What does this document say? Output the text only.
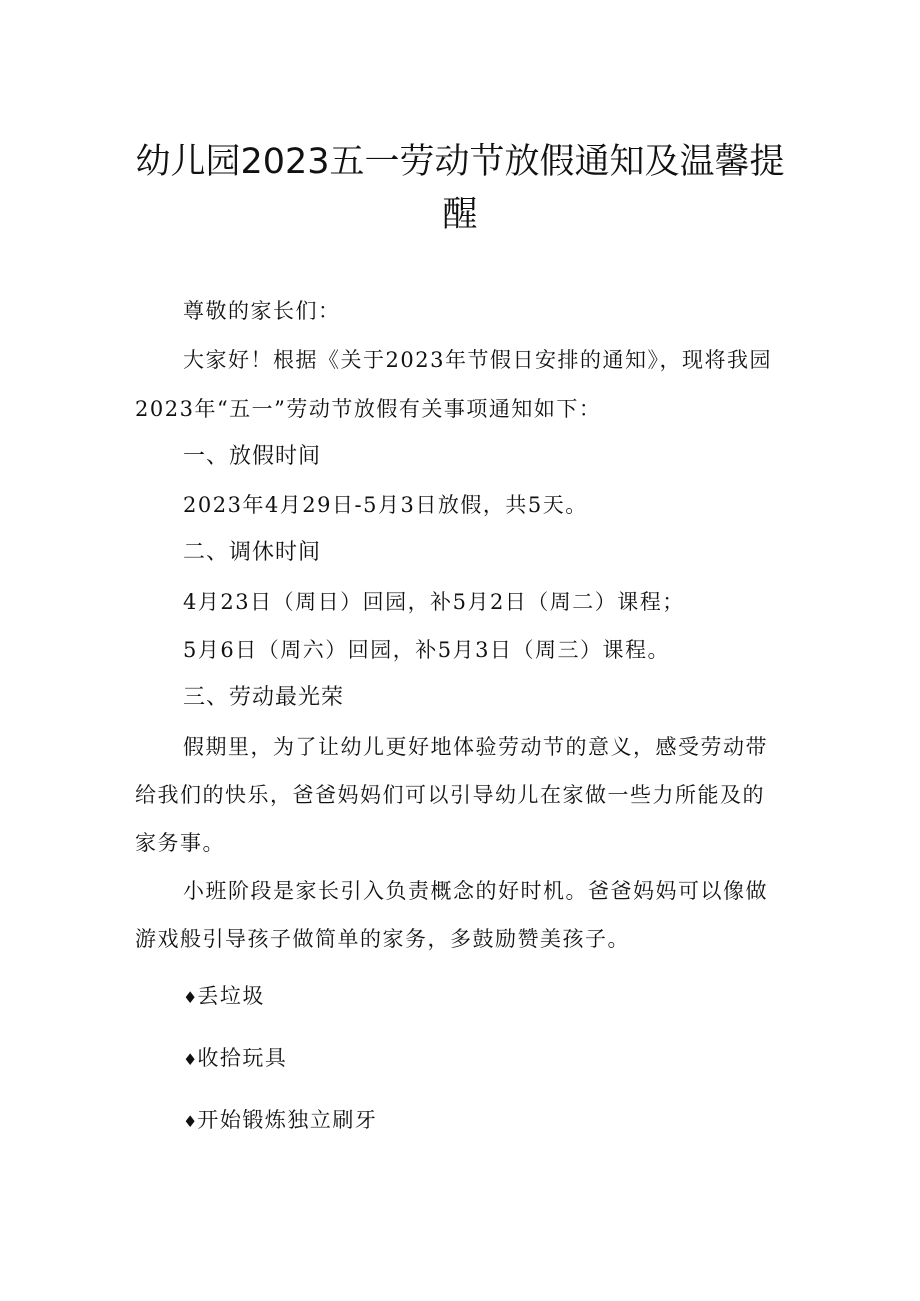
幼儿园2023五一劳动节放假通知及温馨提
醒

尊敬的家长们：

大家好！根据《关于2023年节假日安排的通知》，现将我园

2023年“五一”劳动节放假有关事项通知如下：

一、放假时间

2023年4月29日-5月3日放假，共5天。

二、调休时间

4月23日（周日）回园，补5月2日（周二）课程；

5月6日（周六）回园，补5月3日（周三）课程。

三、劳动最光荣

假期里，为了让幼儿更好地体验劳动节的意义，感受劳动带

给我们的快乐，爸爸妈妈们可以引导幼儿在家做一些力所能及的

家务事。

小班阶段是家长引入负责概念的好时机。爸爸妈妈可以像做

游戏般引导孩子做简单的家务，多鼓励赞美孩子。

♦丢垃圾

♦收拾玩具

♦开始锻炼独立刷牙
